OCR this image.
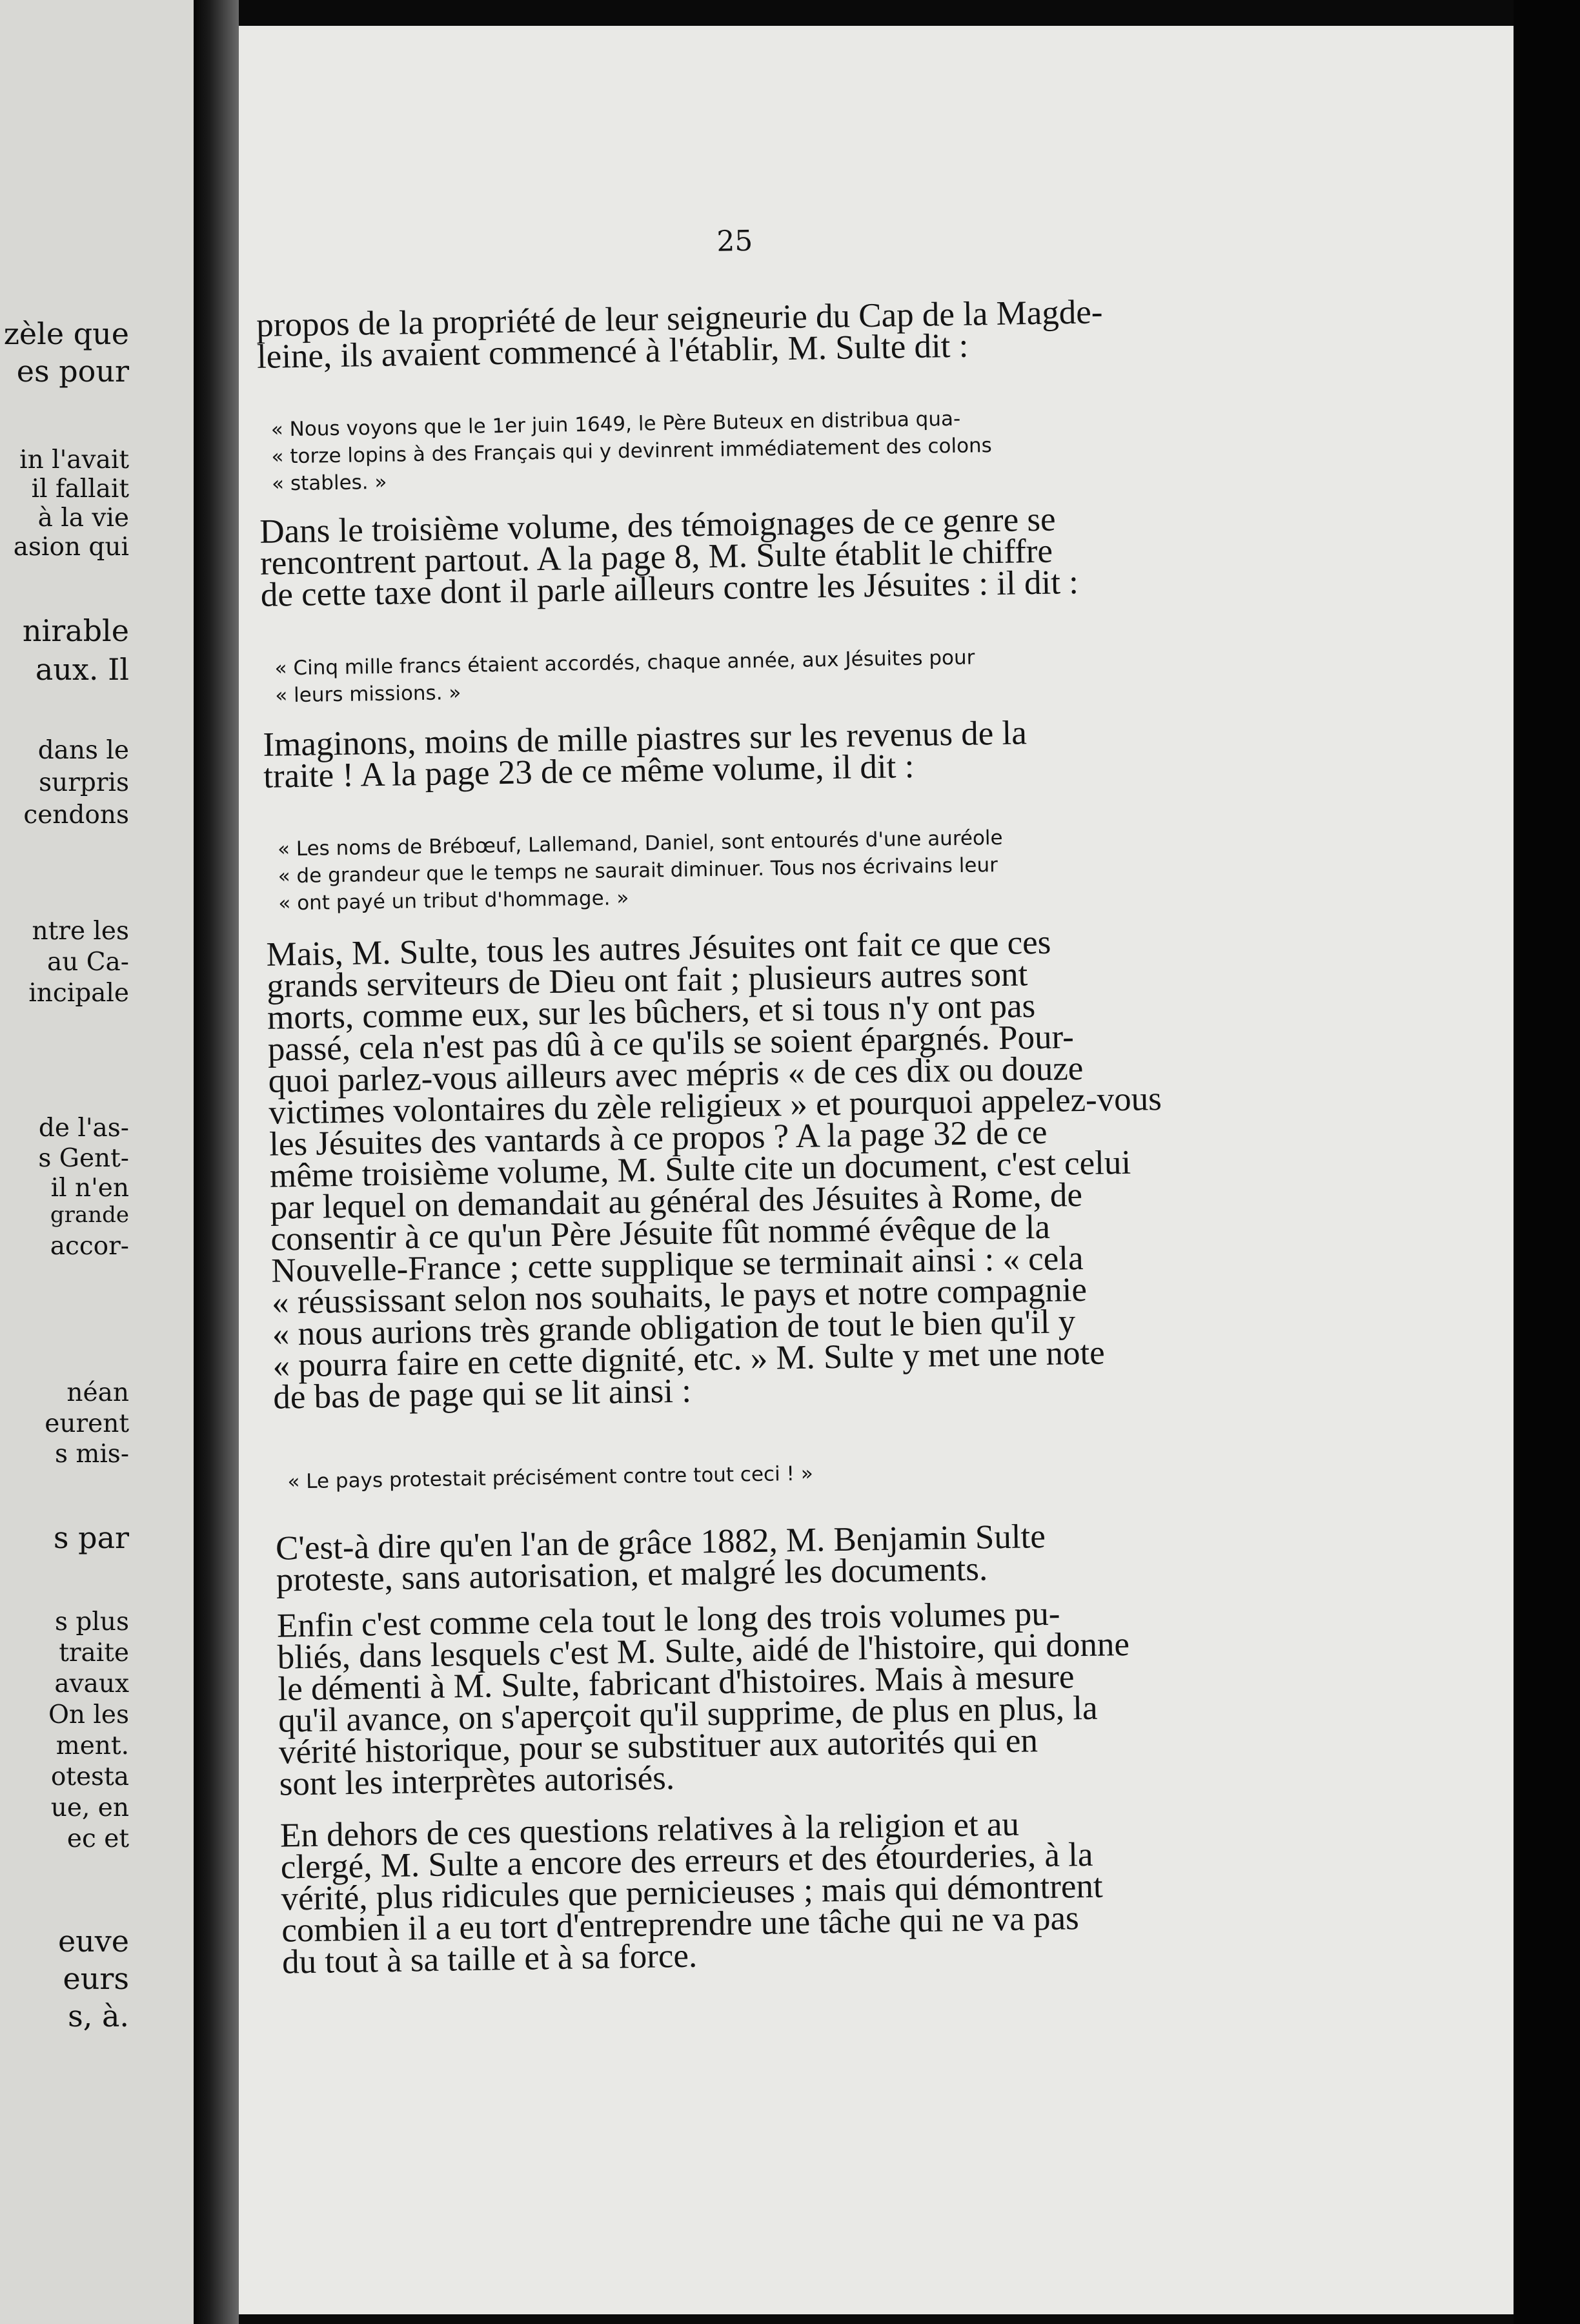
zèle que
es pour
in l'avait
il fallait
à la vie
asion qui
nirable
aux. Il
dans le
surpris
cendons
ntre les
au Ca-
incipale
de l'as-
s Gent-
il n'en
grande
accor-
néan
eurent
s mis-
s par
s plus
traite
avaux
On les
ment.
otesta
ue, en
ec et
euve
eurs
s, à.
25

propos de la propriété de leur seigneurie du Cap de la Magde-
leine, ils avaient commencé à l'établir, M. Sulte dit :

« Nous voyons que le 1er juin 1649, le Père Buteux en distribua qua-
« torze lopins à des Français qui y devinrent immédiatement des colons
« stables. »

Dans le troisième volume, des témoignages de ce genre se
rencontrent partout. A la page 8, M. Sulte établit le chiffre
de cette taxe dont il parle ailleurs contre les Jésuites : il dit :

« Cinq mille francs étaient accordés, chaque année, aux Jésuites pour
« leurs missions. »

Imaginons, moins de mille piastres sur les revenus de la
traite ! A la page 23 de ce même volume, il dit :

« Les noms de Brébœuf, Lallemand, Daniel, sont entourés d'une auréole
« de grandeur que le temps ne saurait diminuer. Tous nos écrivains leur
« ont payé un tribut d'hommage. »

Mais, M. Sulte, tous les autres Jésuites ont fait ce que ces
grands serviteurs de Dieu ont fait ; plusieurs autres sont
morts, comme eux, sur les bûchers, et si tous n'y ont pas
passé, cela n'est pas dû à ce qu'ils se soient épargnés. Pour-
quoi parlez-vous ailleurs avec mépris « de ces dix ou douze
victimes volontaires du zèle religieux » et pourquoi appelez-vous
les Jésuites des vantards à ce propos ? A la page 32 de ce
même troisième volume, M. Sulte cite un document, c'est celui
par lequel on demandait au général des Jésuites à Rome, de
consentir à ce qu'un Père Jésuite fût nommé évêque de la
Nouvelle-France ; cette supplique se terminait ainsi : « cela
« réussissant selon nos souhaits, le pays et notre compagnie
« nous aurions très grande obligation de tout le bien qu'il y
« pourra faire en cette dignité, etc. » M. Sulte y met une note
de bas de page qui se lit ainsi :

« Le pays protestait précisément contre tout ceci ! »

C'est-à dire qu'en l'an de grâce 1882, M. Benjamin Sulte
proteste, sans autorisation, et malgré les documents.

Enfin c'est comme cela tout le long des trois volumes pu-
bliés, dans lesquels c'est M. Sulte, aidé de l'histoire, qui donne
le démenti à M. Sulte, fabricant d'histoires. Mais à mesure
qu'il avance, on s'aperçoit qu'il supprime, de plus en plus, la
vérité historique, pour se substituer aux autorités qui en
sont les interprètes autorisés.

En dehors de ces questions relatives à la religion et au
clergé, M. Sulte a encore des erreurs et des étourderies, à la
vérité, plus ridicules que pernicieuses ; mais qui démontrent
combien il a eu tort d'entreprendre une tâche qui ne va pas
du tout à sa taille et à sa force.
